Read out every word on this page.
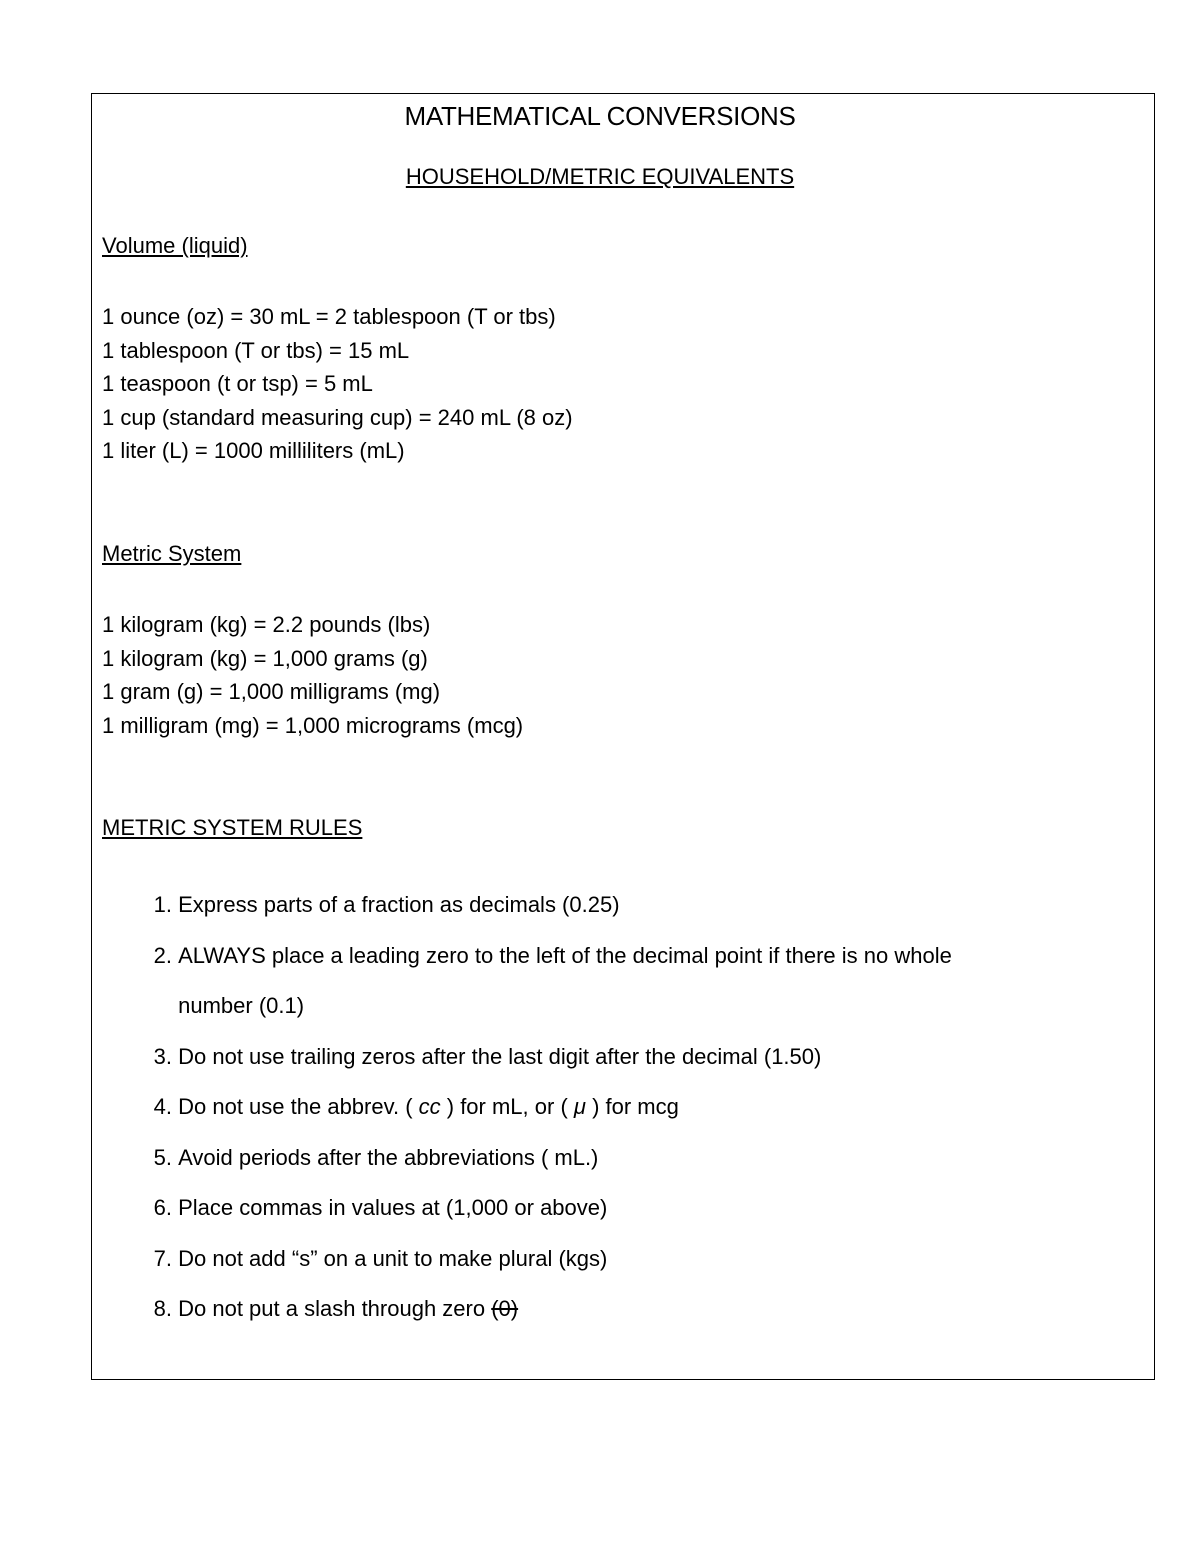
MATHEMATICAL CONVERSIONS
HOUSEHOLD/METRIC EQUIVALENTS
Volume (liquid)
1 ounce (oz) = 30 mL = 2 tablespoon (T or tbs)
1 tablespoon (T or tbs) = 15 mL
1 teaspoon (t or tsp) = 5 mL
1 cup (standard measuring cup) = 240 mL (8 oz)
1 liter (L) = 1000 milliliters (mL)
Metric System
1 kilogram (kg) = 2.2 pounds (lbs)
1 kilogram (kg) = 1,000 grams (g)
1 gram (g) = 1,000 milligrams (mg)
1 milligram (mg) = 1,000 micrograms (mcg)
METRIC SYSTEM RULES
1. Express parts of a fraction as decimals (0.25)
2. ALWAYS place a leading zero to the left of the decimal point if there is no whole
number (0.1)
3. Do not use trailing zeros after the last digit after the decimal (1.50)
4. Do not use the abbrev. ( cc ) for mL, or ( μ ) for mcg
5. Avoid periods after the abbreviations ( mL.)
6. Place commas in values at (1,000 or above)
7. Do not add “s” on a unit to make plural (kgs)
8. Do not put a slash through zero (0)
